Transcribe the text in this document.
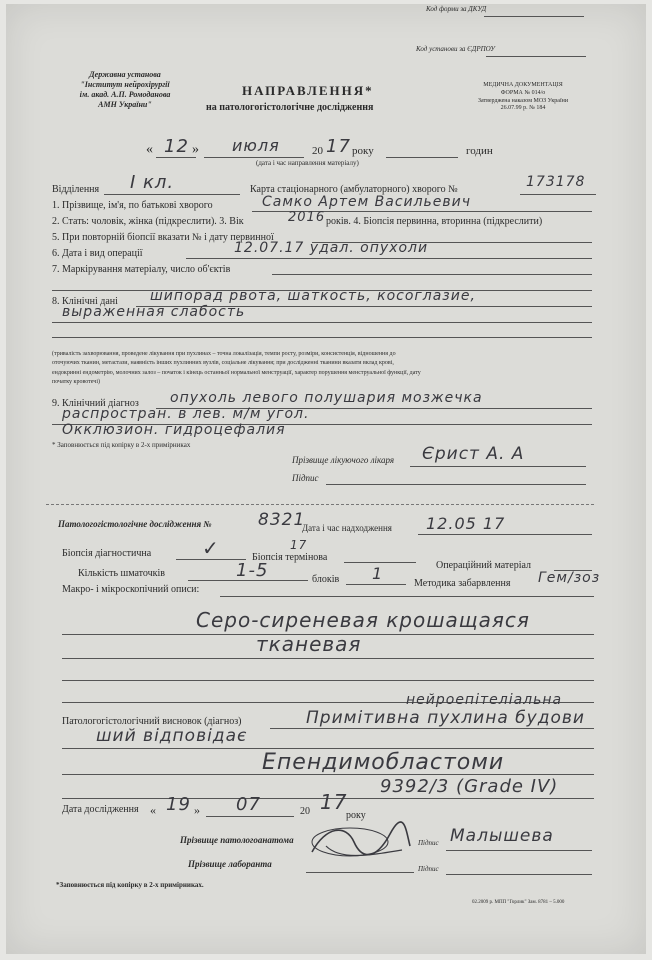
Код форми за ДКУД
Код установи за ЄДРПОУ
Державна установа
"Інститут нейрохірургії
ім. акад. А.П. Ромоданова
АМН України"
НАПРАВЛЕННЯ*
на патологогістологічне дослідження
МЕДИЧНА ДОКУМЕНТАЦІЯ
ФОРМА № 014/о
Затверджена наказом МОЗ України
26.07.99 р. № 184
« 12 » июля	20 17 року	годин
(дата і час направлення матеріалу)
Відділення I кл.	Карта стаціонарного (амбулаторного) хворого №	173178
1. Прізвище, ім'я, по батькові хворого	Самко Артем Васильевич
2. Стать: чоловік, жінка (підкреслити). 3. Вік	2016 років. 4. Біопсія первинна, вторинна (підкреслити)
5. При повторній біопсії вказати № і дату первинної
6. Дата і вид операції	12.07.17 удал. опухоли
7. Маркірування матеріалу, число об'єктів
8. Клінічні дані шипорад рвота, шаткость, косоглазие,
выраженная слабость
(тривалість захворювання, проведене лікування при пухлинах – точна локалізація, темпи росту, розміри, консистенція, відношення до
оточуючих тканин, метастази, наявність інших пухлинних вузлів, соціальне лікування; при дослідженні тканини вказати вклад крові,
ендокринні ендометрію, молочних залоз – початок і кінець останньої нормальної менструації, характер порушення менструальної функції, дату
початку кровотечі)
9. Клінічний діагноз опухоль левого полушария мозжечка
распростран. в лев. м/м угол.
Окклюзион. гидроцефалия
* Заповнюється під копірку в 2-х примірниках
Прізвище лікуючого лікаря Єрист А. А
Підпис
Патологогістологічне дослідження №	8321
Дата і час надходження 12.05 17
Біопсія діагностична	✓	Біопсія термінова
17
Операційний матеріал
Кількість шматочків	1-5	блоків 1
Методика забарвлення Гем/зоз
Макро- і мікроскопічний описи:
Серо-сиреневая крошащаяся
тканевая
нейроепітеліальна
Патологогістологічний висновок (діагноз)	Примітивна пухлина будови
ший відповідає
Епендимобластоми
9392/3 (Grade IV)
Дата дослідження « 19 » 07	20 17
року
Прізвище патологоанатома	Підпис Малышева
Прізвище лаборанта	Підпис
*Заповнюється під копірку в 2-х примірниках.
02.2009 р. МПП "Горлик" Зам. 8781 – 5.000
